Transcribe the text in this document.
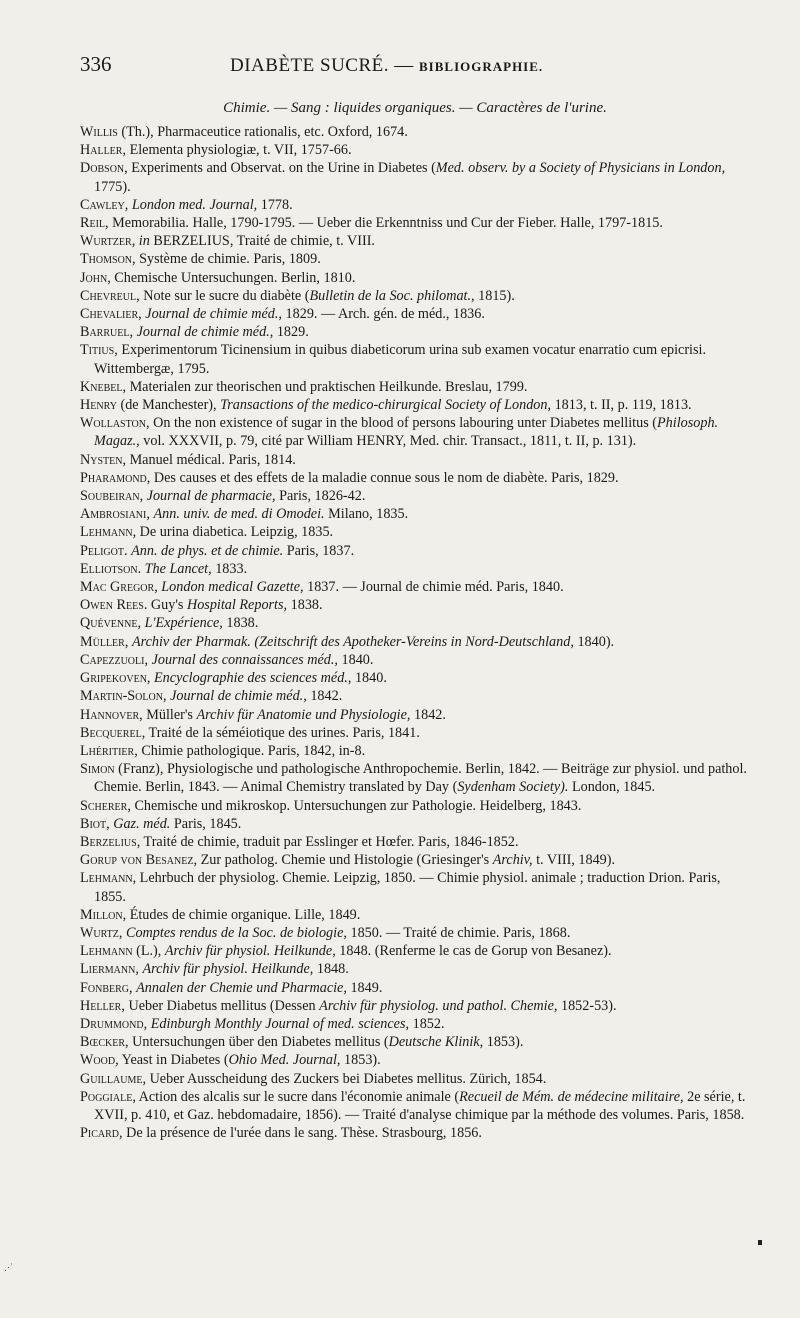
336	DIABÈTE SUCRÉ. — BIBLIOGRAPHIE.
Chimie. — Sang : liquides organiques. — Caractères de l'urine.

Willis (Th.), Pharmaceutice rationalis, etc. Oxford, 1674.

Haller, Elementa physiologiæ, t. VII, 1757-66.

Dobson, Experiments and Observat. on the Urine in Diabetes (Med. observ. by a Society of Physicians in London, 1775).

Cawley, London med. Journal, 1778.

Reil, Memorabilia. Halle, 1790-1795. — Ueber die Erkenntniss und Cur der Fieber. Halle, 1797-1815.

Wurtzer, in BERZELIUS, Traité de chimie, t. VIII.

Thomson, Système de chimie. Paris, 1809.

John, Chemische Untersuchungen. Berlin, 1810.

Chevreul, Note sur le sucre du diabète (Bulletin de la Soc. philomat., 1815).

Chevalier, Journal de chimie méd., 1829. — Arch. gén. de méd., 1836.

Barruel, Journal de chimie méd., 1829.

Titius, Experimentorum Ticinensium in quibus diabeticorum urina sub examen vocatur enarratio cum epicrisi. Wittembergæ, 1795.

Knebel, Materialen zur theorischen und praktischen Heilkunde. Breslau, 1799.

Henry (de Manchester), Transactions of the medico-chirurgical Society of London, 1813, t. II, p. 119, 1813.

Wollaston, On the non existence of sugar in the blood of persons labouring unter Diabetes mellitus (Philosoph. Magaz., vol. XXXVII, p. 79, cité par William HENRY, Med. chir. Transact., 1811, t. II, p. 131).

Nysten, Manuel médical. Paris, 1814.

Pharamond, Des causes et des effets de la maladie connue sous le nom de diabète. Paris, 1829.

Soubeiran, Journal de pharmacie, Paris, 1826-42.

Ambrosiani, Ann. univ. de med. di Omodei. Milano, 1835.

Lehmann, De urina diabetica. Leipzig, 1835.

Peligot. Ann. de phys. et de chimie. Paris, 1837.

Elliotson. The Lancet, 1833.

Mac Gregor, London medical Gazette, 1837. — Journal de chimie méd. Paris, 1840.

Owen Rees. Guy's Hospital Reports, 1838.

Quévenne, L'Expérience, 1838.

Müller, Archiv der Pharmak. (Zeitschrift des Apotheker-Vereins in Nord-Deutschland, 1840).

Capezzuoli, Journal des connaissances méd., 1840.

Gripekoven, Encyclographie des sciences méd., 1840.

Martin-Solon, Journal de chimie méd., 1842.

Hannover, Müller's Archiv für Anatomie und Physiologie, 1842.

Becquerel, Traité de la séméiotique des urines. Paris, 1841.

Lhéritier, Chimie pathologique. Paris, 1842, in-8.

Simon (Franz), Physiologische und pathologische Anthropochemie. Berlin, 1842. — Beiträge zur physiol. und pathol. Chemie. Berlin, 1843. — Animal Chemistry translated by Day (Sydenham Society). London, 1845.

Scherer, Chemische und mikroskop. Untersuchungen zur Pathologie. Heidelberg, 1843.

Biot, Gaz. méd. Paris, 1845.

Berzelius, Traité de chimie, traduit par Esslinger et Hœfer. Paris, 1846-1852.

Gorup von Besanez, Zur patholog. Chemie und Histologie (Griesinger's Archiv, t. VIII, 1849).

Lehmann, Lehrbuch der physiolog. Chemie. Leipzig, 1850. — Chimie physiol. animale ; traduction Drion. Paris, 1855.

Millon, Études de chimie organique. Lille, 1849.

Wurtz, Comptes rendus de la Soc. de biologie, 1850. — Traité de chimie. Paris, 1868.

Lehmann (L.), Archiv für physiol. Heilkunde, 1848. (Renferme le cas de Gorup von Besanez).

Liermann, Archiv für physiol. Heilkunde, 1848.

Fonberg, Annalen der Chemie und Pharmacie, 1849.

Heller, Ueber Diabetus mellitus (Dessen Archiv für physiolog. und pathol. Chemie, 1852-53).

Drummond, Edinburgh Monthly Journal of med. sciences, 1852.

Bœcker, Untersuchungen über den Diabetes mellitus (Deutsche Klinik, 1853).

Wood, Yeast in Diabetes (Ohio Med. Journal, 1853).

Guillaume, Ueber Ausscheidung des Zuckers bei Diabetes mellitus. Zürich, 1854.

Poggiale, Action des alcalis sur le sucre dans l'économie animale (Recueil de Mém. de médecine militaire, 2e série, t. XVII, p. 410, et Gaz. hebdomadaire, 1856). — Traité d'analyse chimique par la méthode des volumes. Paris, 1858.

Picard, De la présence de l'urée dans le sang. Thèse. Strasbourg, 1856.

⋰
